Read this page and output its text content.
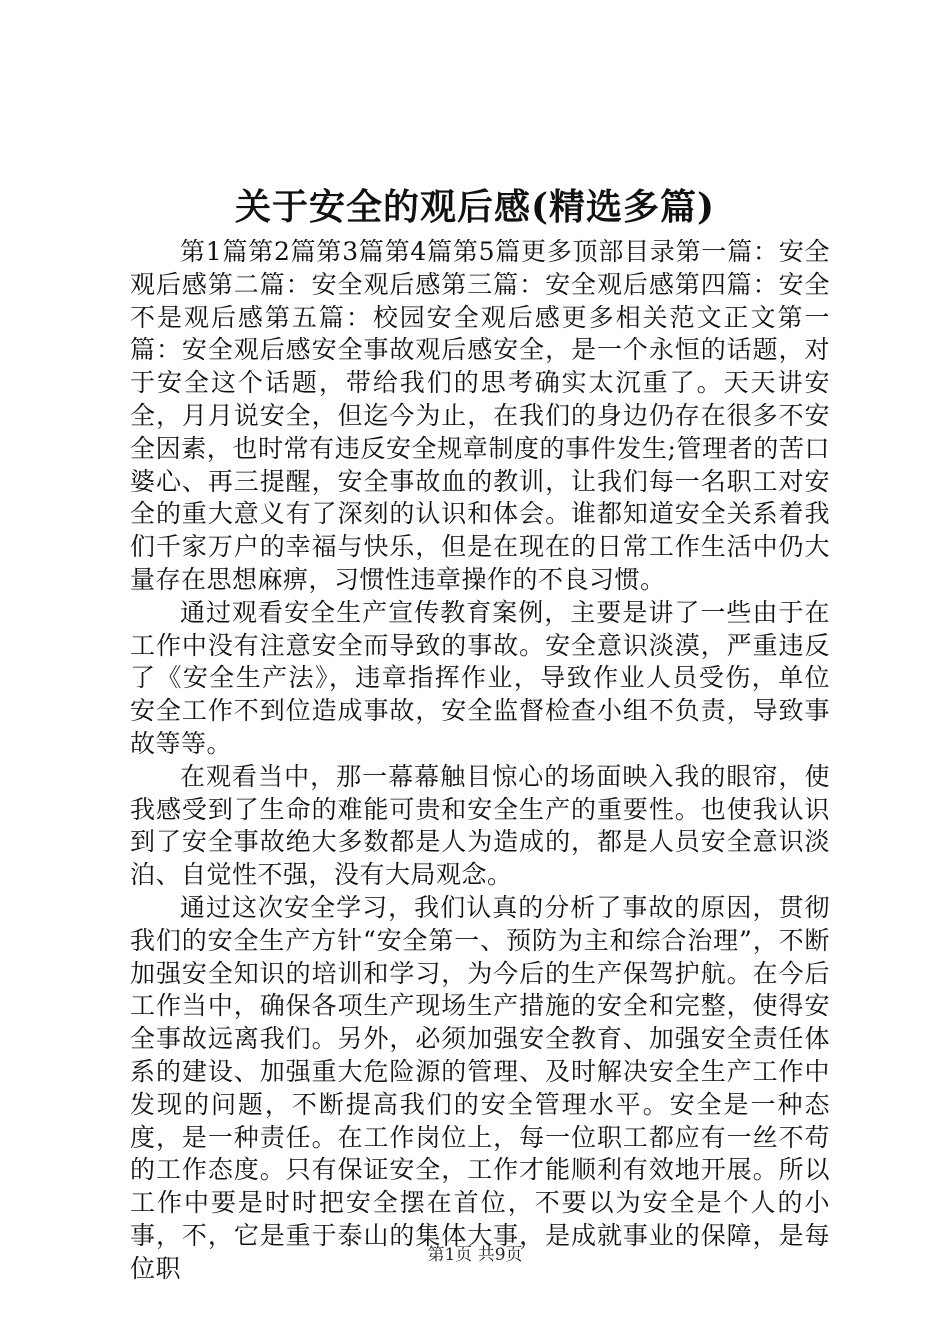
关于安全的观后感(精选多篇)

第1篇第2篇第3篇第4篇第5篇更多顶部目录第一篇：安全观后感第二篇：安全观后感第三篇：安全观后感第四篇：安全不是观后感第五篇：校园安全观后感更多相关范文正文第一篇：安全观后感安全事故观后感安全，是一个永恒的话题，对于安全这个话题，带给我们的思考确实太沉重了。天天讲安全，月月说安全，但迄今为止，在我们的身边仍存在很多不安全因素，也时常有违反安全规章制度的事件发生;管理者的苦口婆心、再三提醒，安全事故血的教训，让我们每一名职工对安全的重大意义有了深刻的认识和体会。谁都知道安全关系着我们千家万户的幸福与快乐，但是在现在的日常工作生活中仍大量存在思想麻痹，习惯性违章操作的不良习惯。

通过观看安全生产宣传教育案例，主要是讲了一些由于在工作中没有注意安全而导致的事故。安全意识淡漠，严重违反了《安全生产法》，违章指挥作业，导致作业人员受伤，单位安全工作不到位造成事故，安全监督检查小组不负责，导致事故等等。

在观看当中，那一幕幕触目惊心的场面映入我的眼帘，使我感受到了生命的难能可贵和安全生产的重要性。也使我认识到了安全事故绝大多数都是人为造成的，都是人员安全意识淡泊、自觉性不强，没有大局观念。

通过这次安全学习，我们认真的分析了事故的原因，贯彻我们的安全生产方针“安全第一、预防为主和综合治理”，不断加强安全知识的培训和学习，为今后的生产保驾护航。在今后工作当中，确保各项生产现场生产措施的安全和完整，使得安全事故远离我们。另外，必须加强安全教育、加强安全责任体系的建设、加强重大危险源的管理、及时解决安全生产工作中发现的问题，不断提高我们的安全管理水平。安全是一种态度，是一种责任。在工作岗位上，每一位职工都应有一丝不苟的工作态度。只有保证安全，工作才能顺利有效地开展。所以工作中要是时时把安全摆在首位，不要以为安全是个人的小事，不，它是重于泰山的集体大事，是成就事业的保障，是每位职	第1页 共9页
